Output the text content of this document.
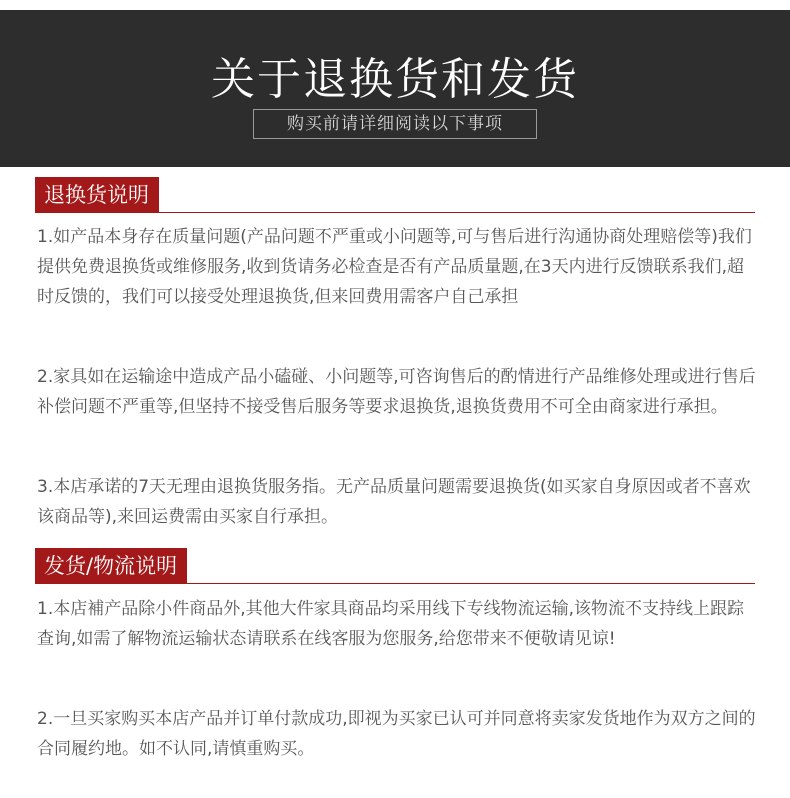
关于退换货和发货
购买前请详细阅读以下事项
退换货说明

1.如产品本身存在质量问题(产品问题不严重或小问题等,可与售后进行沟通协商处理赔偿等)我们提供免费退换货或维修服务,收到货请务必检查是否有产品质量题,在3天内进行反馈联系我们,超时反馈的，我们可以接受处理退换货,但来回费用需客户自己承担

2.家具如在运输途中造成产品小磕碰、小问题等,可咨询售后的酌情进行产品维修处理或进行售后补偿问题不严重等,但坚持不接受售后服务等要求退换货,退换货费用不可全由商家进行承担。

3.本店承诺的7天无理由退换货服务指。无产品质量问题需要退换货(如买家自身原因或者不喜欢该商品等),来回运费需由买家自行承担。

发货/物流说明

1.本店補产品除小件商品外,其他大件家具商品均采用线下专线物流运输,该物流不支持线上跟踪查询,如需了解物流运输状态请联系在线客服为您服务,给您带来不便敬请见谅!

2.一旦买家购买本店产品并订单付款成功,即视为买家已认可并同意将卖家发货地作为双方之间的合同履约地。如不认同,请慎重购买。
